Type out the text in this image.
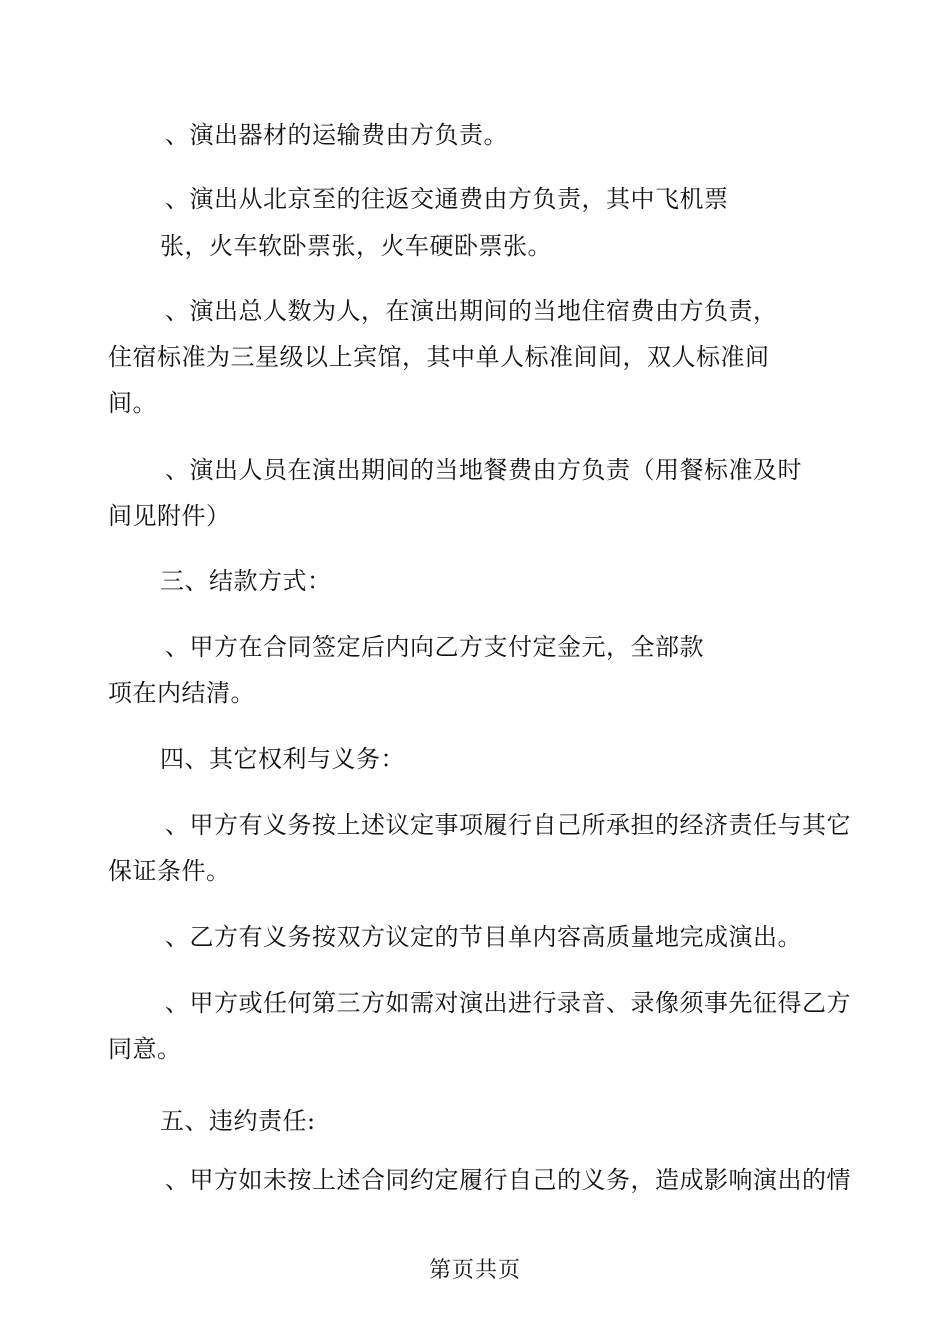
、演出器材的运输费由方负责。
、演出从北京至的往返交通费由方负责，其中飞机票
张，火车软卧票张，火车硬卧票张。
、演出总人数为人，在演出期间的当地住宿费由方负责，
住宿标准为三星级以上宾馆，其中单人标准间间，双人标准间
间。
、演出人员在演出期间的当地餐费由方负责（用餐标准及时
间见附件）
三、结款方式：
、甲方在合同签定后内向乙方支付定金元，全部款
项在内结清。
四、其它权利与义务：
、甲方有义务按上述议定事项履行自己所承担的经济责任与其它
保证条件。
、乙方有义务按双方议定的节目单内容高质量地完成演出。
、甲方或任何第三方如需对演出进行录音、录像须事先征得乙方
同意。
五、违约责任:
、甲方如未按上述合同约定履行自己的义务，造成影响演出的情
第页共页
